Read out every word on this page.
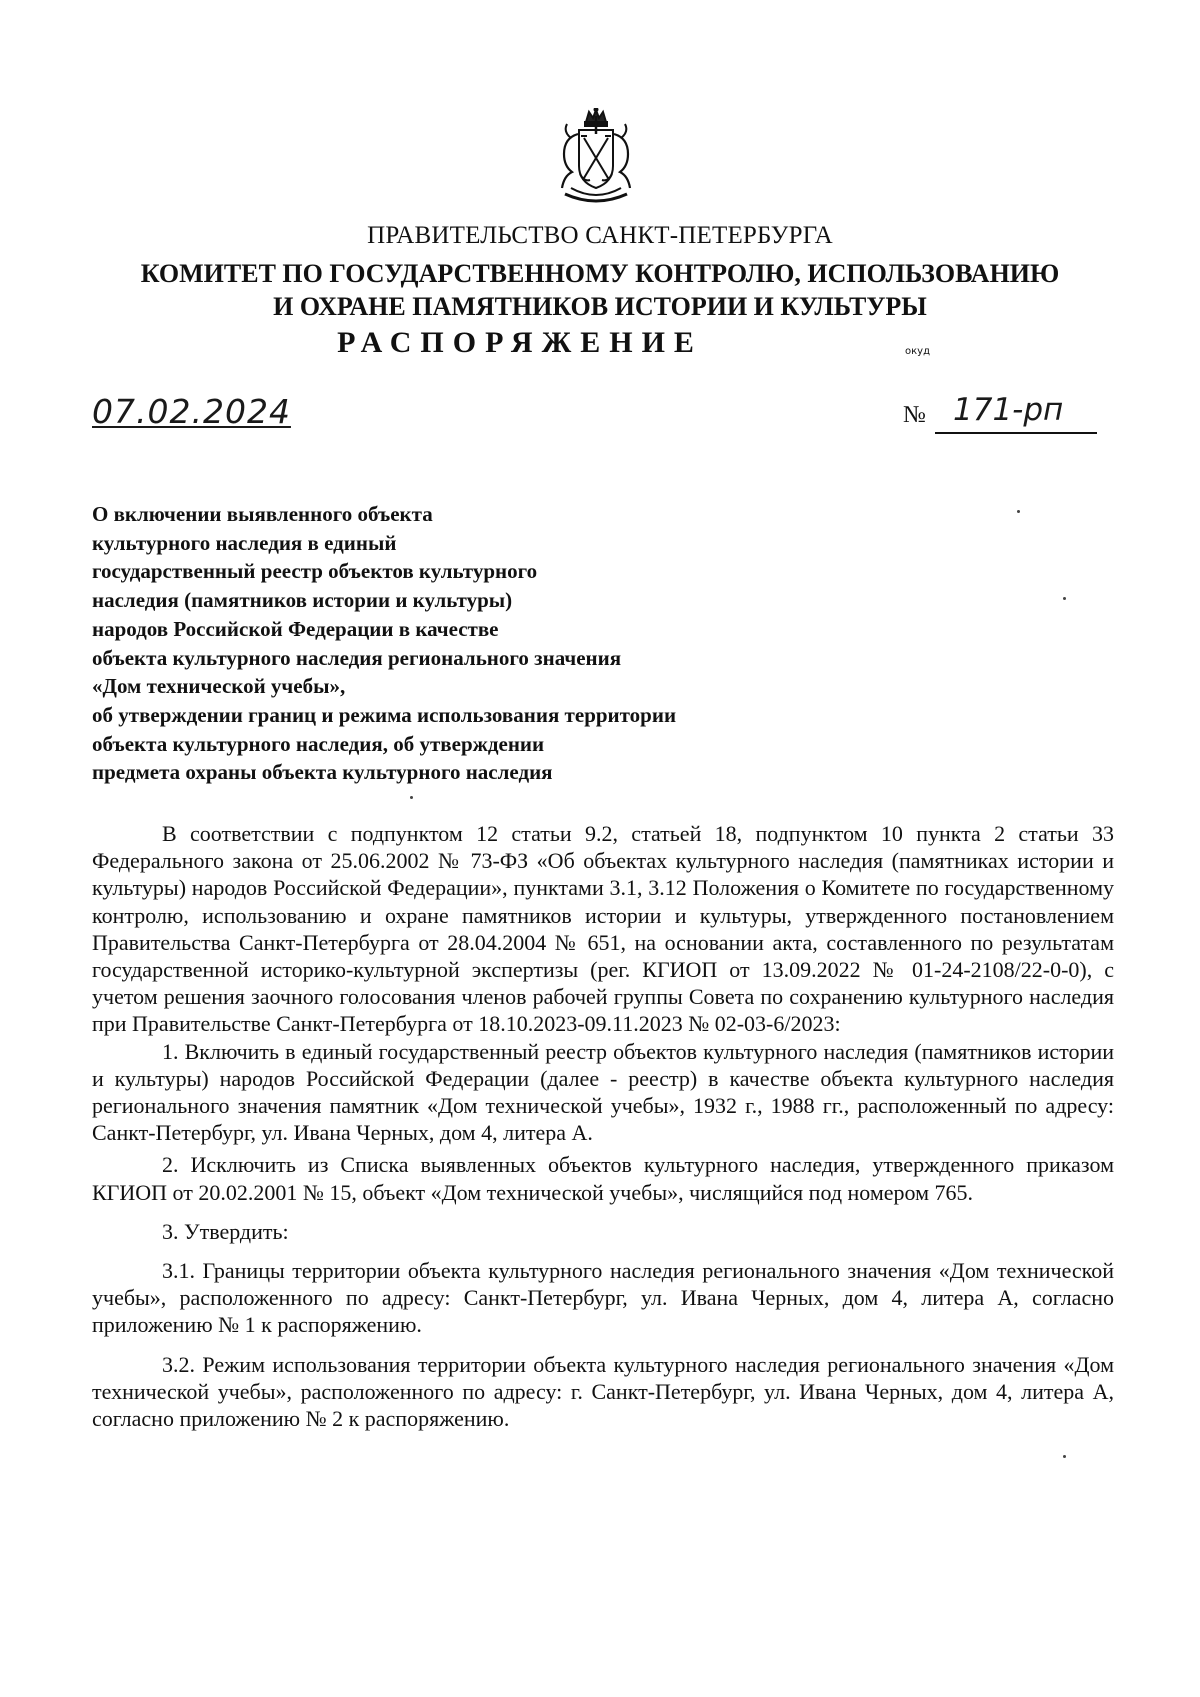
ПРАВИТЕЛЬСТВО САНКТ-ПЕТЕРБУРГА
КОМИТЕТ ПО ГОСУДАРСТВЕННОМУ КОНТРОЛЮ, ИСПОЛЬЗОВАНИЮ
И ОХРАНЕ ПАМЯТНИКОВ ИСТОРИИ И КУЛЬТУРЫ
РАСПОРЯЖЕНИЕ	окуд
07.02.2024	№ 171-рп
О включении выявленного объекта
культурного наследия в единый
государственный реестр объектов культурного
наследия (памятников истории и культуры)
народов Российской Федерации в качестве
объекта культурного наследия регионального значения
«Дом технической учебы»,
об утверждении границ и режима использования территории
объекта культурного наследия, об утверждении
предмета охраны объекта культурного наследия

В соответствии с подпунктом 12 статьи 9.2, статьей 18, подпунктом 10 пункта 2 статьи 33 Федерального закона от 25.06.2002 № 73-ФЗ «Об объектах культурного наследия (памятниках истории и культуры) народов Российской Федерации», пунктами 3.1, 3.12 Положения о Комитете по государственному контролю, использованию и охране памятников истории и культуры, утвержденного постановлением Правительства Санкт-Петербурга от 28.04.2004 № 651, на основании акта, составленного по результатам государственной историко-культурной экспертизы (рег. КГИОП от 13.09.2022 № 01-24-2108/22-0-0), с учетом решения заочного голосования членов рабочей группы Совета по сохранению культурного наследия при Правительстве Санкт-Петербурга от 18.10.2023-09.11.2023 № 02-03-6/2023:

1. Включить в единый государственный реестр объектов культурного наследия (памятников истории и культуры) народов Российской Федерации (далее - реестр) в качестве объекта культурного наследия регионального значения памятник «Дом технической учебы», 1932 г., 1988 гг., расположенный по адресу: Санкт-Петербург, ул. Ивана Черных, дом 4, литера А.

2. Исключить из Списка выявленных объектов культурного наследия, утвержденного приказом КГИОП от 20.02.2001 № 15, объект «Дом технической учебы», числящийся под номером 765.

3. Утвердить:

3.1. Границы территории объекта культурного наследия регионального значения «Дом технической учебы», расположенного по адресу: Санкт-Петербург, ул. Ивана Черных, дом 4, литера А, согласно приложению № 1 к распоряжению.

3.2. Режим использования территории объекта культурного наследия регионального значения «Дом технической учебы», расположенного по адресу: г. Санкт-Петербург, ул. Ивана Черных, дом 4, литера А, согласно приложению № 2 к распоряжению.
